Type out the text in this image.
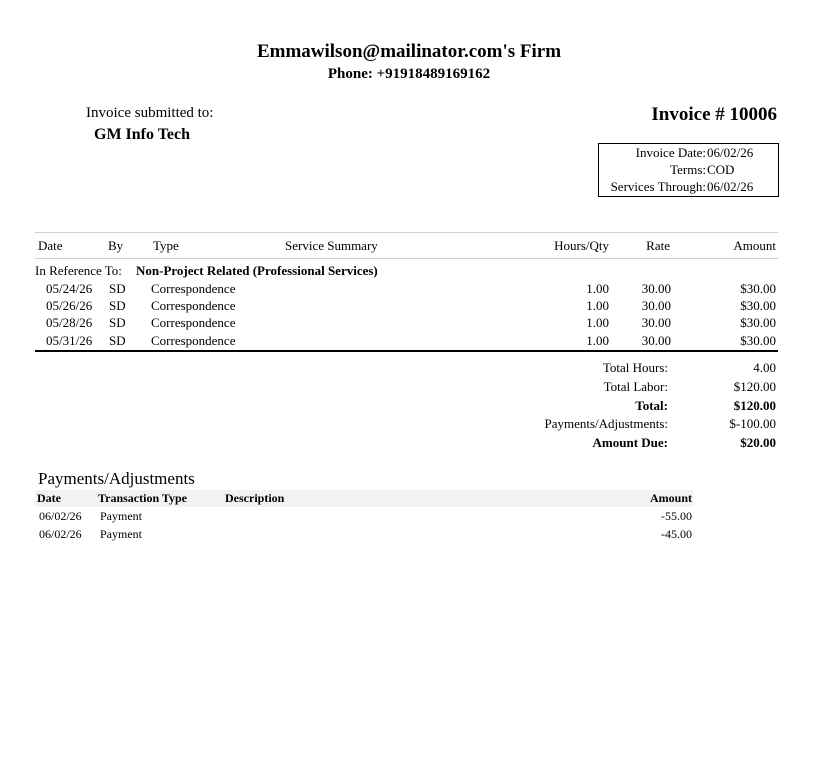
Emmawilson@mailinator.com's Firm
Phone: +91918489169162
Invoice submitted to:
GM Info Tech
Invoice # 10006
Invoice Date: 06/02/26
Terms: COD
Services Through: 06/02/26
Date	By Type	Service Summary	Hours/Qty	Rate	Amount
In Reference To: Non-Project Related (Professional Services)
05/24/26 SD Correspondence	1.00	30.00	$30.00
05/26/26 SD Correspondence	1.00	30.00	$30.00
05/28/26 SD Correspondence	1.00	30.00	$30.00
05/31/26 SD Correspondence	1.00	30.00	$30.00
Total Hours:	4.00
Total Labor:	$120.00
Total:	$120.00
Payments/Adjustments:	$-100.00
Amount Due:	$20.00
Payments/Adjustments
Date	Transaction Type	Description	Amount
06/02/26 Payment	-55.00
06/02/26 Payment	-45.00
